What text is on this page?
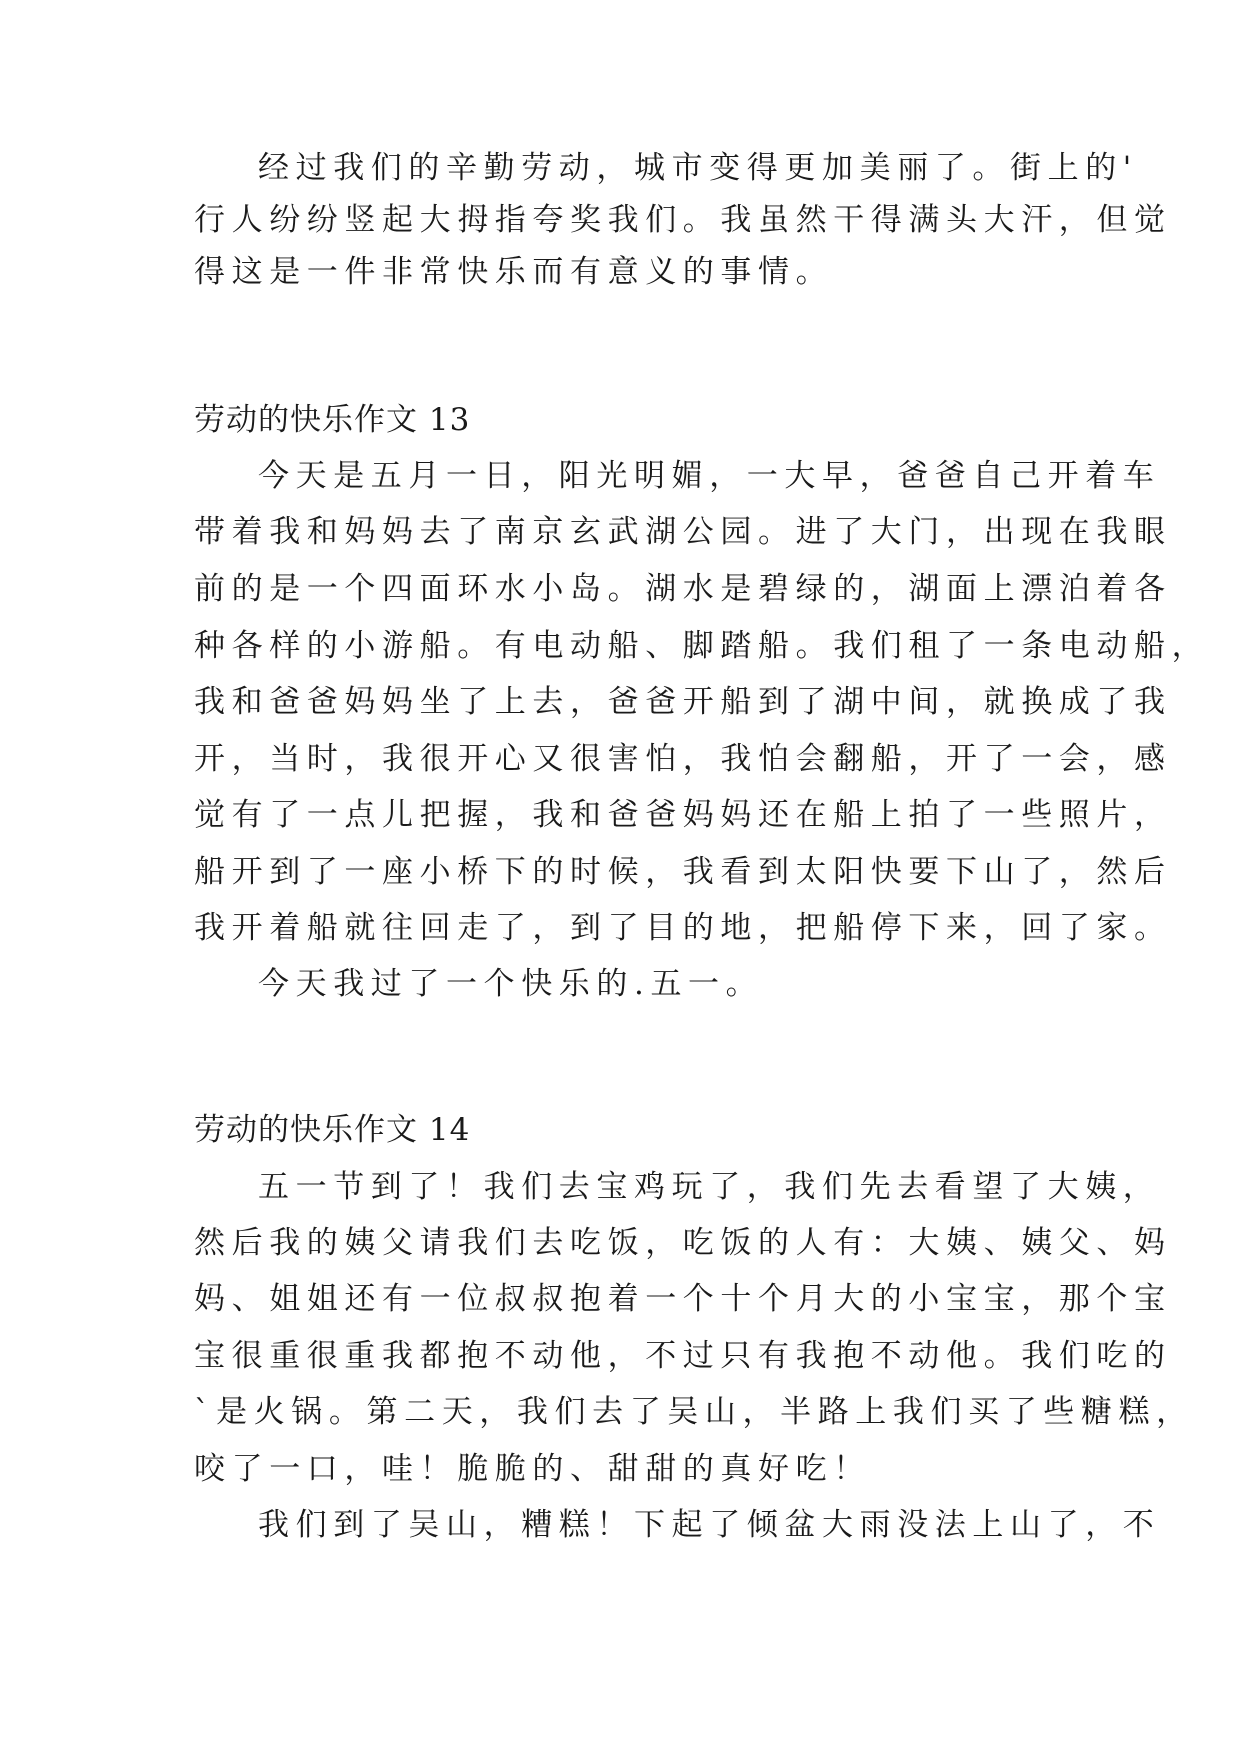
经过我们的辛勤劳动，城市变得更加美丽了。街上的'
行人纷纷竖起大拇指夸奖我们。我虽然干得满头大汗，但觉
得这是一件非常快乐而有意义的事情。
劳动的快乐作文 13
今天是五月一日，阳光明媚，一大早，爸爸自己开着车
带着我和妈妈去了南京玄武湖公园。进了大门，出现在我眼
前的是一个四面环水小岛。湖水是碧绿的，湖面上漂泊着各
种各样的小游船。有电动船、脚踏船。我们租了一条电动船，
我和爸爸妈妈坐了上去，爸爸开船到了湖中间，就换成了我
开，当时，我很开心又很害怕，我怕会翻船，开了一会，感
觉有了一点儿把握，我和爸爸妈妈还在船上拍了一些照片，
船开到了一座小桥下的时候，我看到太阳快要下山了，然后
我开着船就往回走了，到了目的地，把船停下来，回了家。
今天我过了一个快乐的.五一。
劳动的快乐作文 14
五一节到了！我们去宝鸡玩了，我们先去看望了大姨，
然后我的姨父请我们去吃饭，吃饭的人有：大姨、姨父、妈
妈、姐姐还有一位叔叔抱着一个十个月大的小宝宝，那个宝
宝很重很重我都抱不动他，不过只有我抱不动他。我们吃的
`是火锅。第二天，我们去了吴山，半路上我们买了些糖糕，
咬了一口，哇！脆脆的、甜甜的真好吃！
我们到了吴山，糟糕！下起了倾盆大雨没法上山了，不
